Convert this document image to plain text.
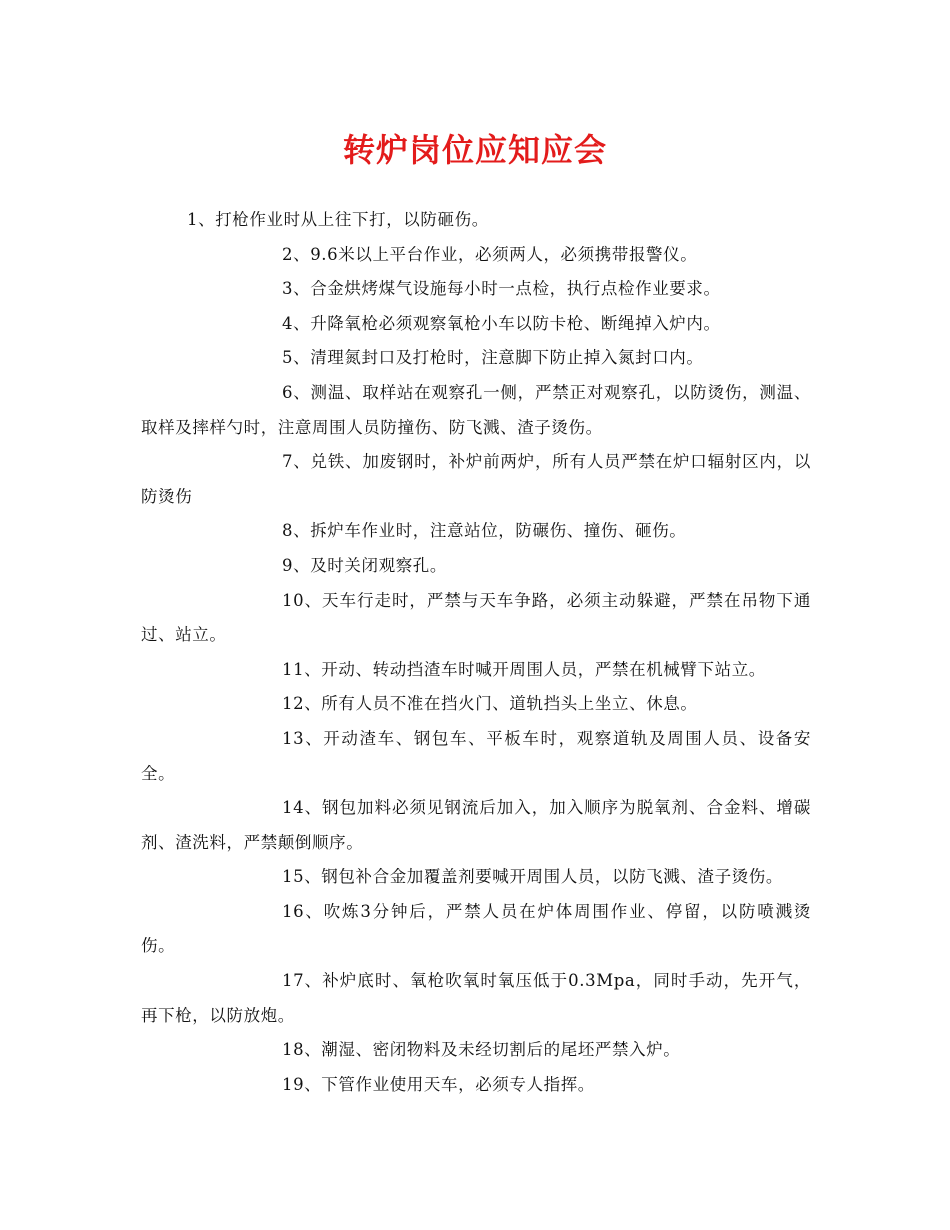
转炉岗位应知应会

1、打枪作业时从上往下打，以防砸伤。

2、9.6米以上平台作业，必须两人，必须携带报警仪。

3、合金烘烤煤气设施每小时一点检，执行点检作业要求。

4、升降氧枪必须观察氧枪小车以防卡枪、断绳掉入炉内。

5、清理氮封口及打枪时，注意脚下防止掉入氮封口内。

6、测温、取样站在观察孔一侧，严禁正对观察孔，以防烫伤，测温、取样及摔样勺时，注意周围人员防撞伤、防飞溅、渣子烫伤。

7、兑铁、加废钢时，补炉前两炉，所有人员严禁在炉口辐射区内，以防烫伤

8、拆炉车作业时，注意站位，防碾伤、撞伤、砸伤。

9、及时关闭观察孔。

10、天车行走时，严禁与天车争路，必须主动躲避，严禁在吊物下通过、站立。

11、开动、转动挡渣车时喊开周围人员，严禁在机械臂下站立。

12、所有人员不准在挡火门、道轨挡头上坐立、休息。

13、开动渣车、钢包车、平板车时，观察道轨及周围人员、设备安全。

14、钢包加料必须见钢流后加入，加入顺序为脱氧剂、合金料、增碳剂、渣洗料，严禁颠倒顺序。

15、钢包补合金加覆盖剂要喊开周围人员，以防飞溅、渣子烫伤。

16、吹炼3分钟后，严禁人员在炉体周围作业、停留，以防喷溅烫伤。

17、补炉底时、氧枪吹氧时氧压低于0.3Mpa，同时手动，先开气，再下枪，以防放炮。

18、潮湿、密闭物料及未经切割后的尾坯严禁入炉。

19、下管作业使用天车，必须专人指挥。
